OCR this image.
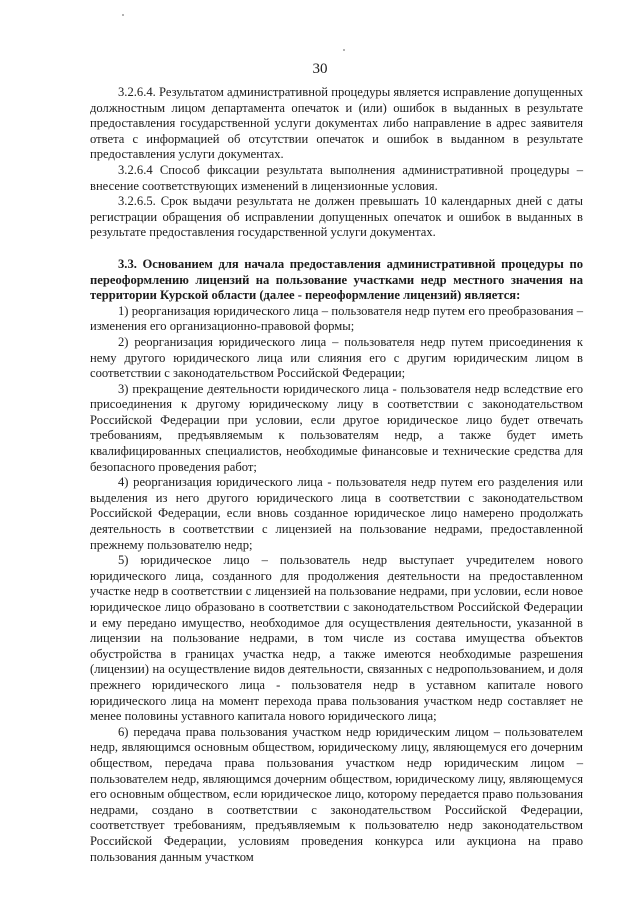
30

3.2.6.4. Результатом административной процедуры является исправление допущенных должностным лицом департамента опечаток и (или) ошибок в выданных в результате предоставления государственной услуги документах либо направление в адрес заявителя ответа с информацией об отсутствии опечаток и ошибок в выданном в результате предоставления услуги документах.

3.2.6.4 Способ фиксации результата выполнения административной процедуры – внесение соответствующих изменений в лицензионные условия.

3.2.6.5. Срок выдачи результата не должен превышать 10 календарных дней с даты регистрации обращения об исправлении допущенных опечаток и ошибок в выданных в результате предоставления государственной услуги документах.

3.3. Основанием для начала предоставления административной процедуры по переоформлению лицензий на пользование участками недр местного значения на территории Курской области (далее - переоформление лицензий) является:

1) реорганизация юридического лица – пользователя недр путем его преобразования – изменения его организационно-правовой формы;

2) реорганизация юридического лица – пользователя недр путем присоединения к нему другого юридического лица или слияния его с другим юридическим лицом в соответствии с законодательством Российской Федерации;

3) прекращение деятельности юридического лица - пользователя недр вследствие его присоединения к другому юридическому лицу в соответствии с законодательством Российской Федерации при условии, если другое юридическое лицо будет отвечать требованиям, предъявляемым к пользователям недр, а также будет иметь квалифицированных специалистов, необходимые финансовые и технические средства для безопасного проведения работ;

4) реорганизация юридического лица - пользователя недр путем его разделения или выделения из него другого юридического лица в соответствии с законодательством Российской Федерации, если вновь созданное юридическое лицо намерено продолжать деятельность в соответствии с лицензией на пользование недрами, предоставленной прежнему пользователю недр;

5) юридическое лицо – пользователь недр выступает учредителем нового юридического лица, созданного для продолжения деятельности на предоставленном участке недр в соответствии с лицензией на пользование недрами, при условии, если новое юридическое лицо образовано в соответствии с законодательством Российской Федерации и ему передано имущество, необходимое для осуществления деятельности, указанной в лицензии на пользование недрами, в том числе из состава имущества объектов обустройства в границах участка недр, а также имеются необходимые разрешения (лицензии) на осуществление видов деятельности, связанных с недропользованием, и доля прежнего юридического лица - пользователя недр в уставном капитале нового юридического лица на момент перехода права пользования участком недр составляет не менее половины уставного капитала нового юридического лица;

6) передача права пользования участком недр юридическим лицом – пользователем недр, являющимся основным обществом, юридическому лицу, являющемуся его дочерним обществом, передача права пользования участком недр юридическим лицом – пользователем недр, являющимся дочерним обществом, юридическому лицу, являющемуся его основным обществом, если юридическое лицо, которому передается право пользования недрами, создано в соответствии с законодательством Российской Федерации, соответствует требованиям, предъявляемым к пользователю недр законодательством Российской Федерации, условиям проведения конкурса или аукциона на право пользования данным участком
